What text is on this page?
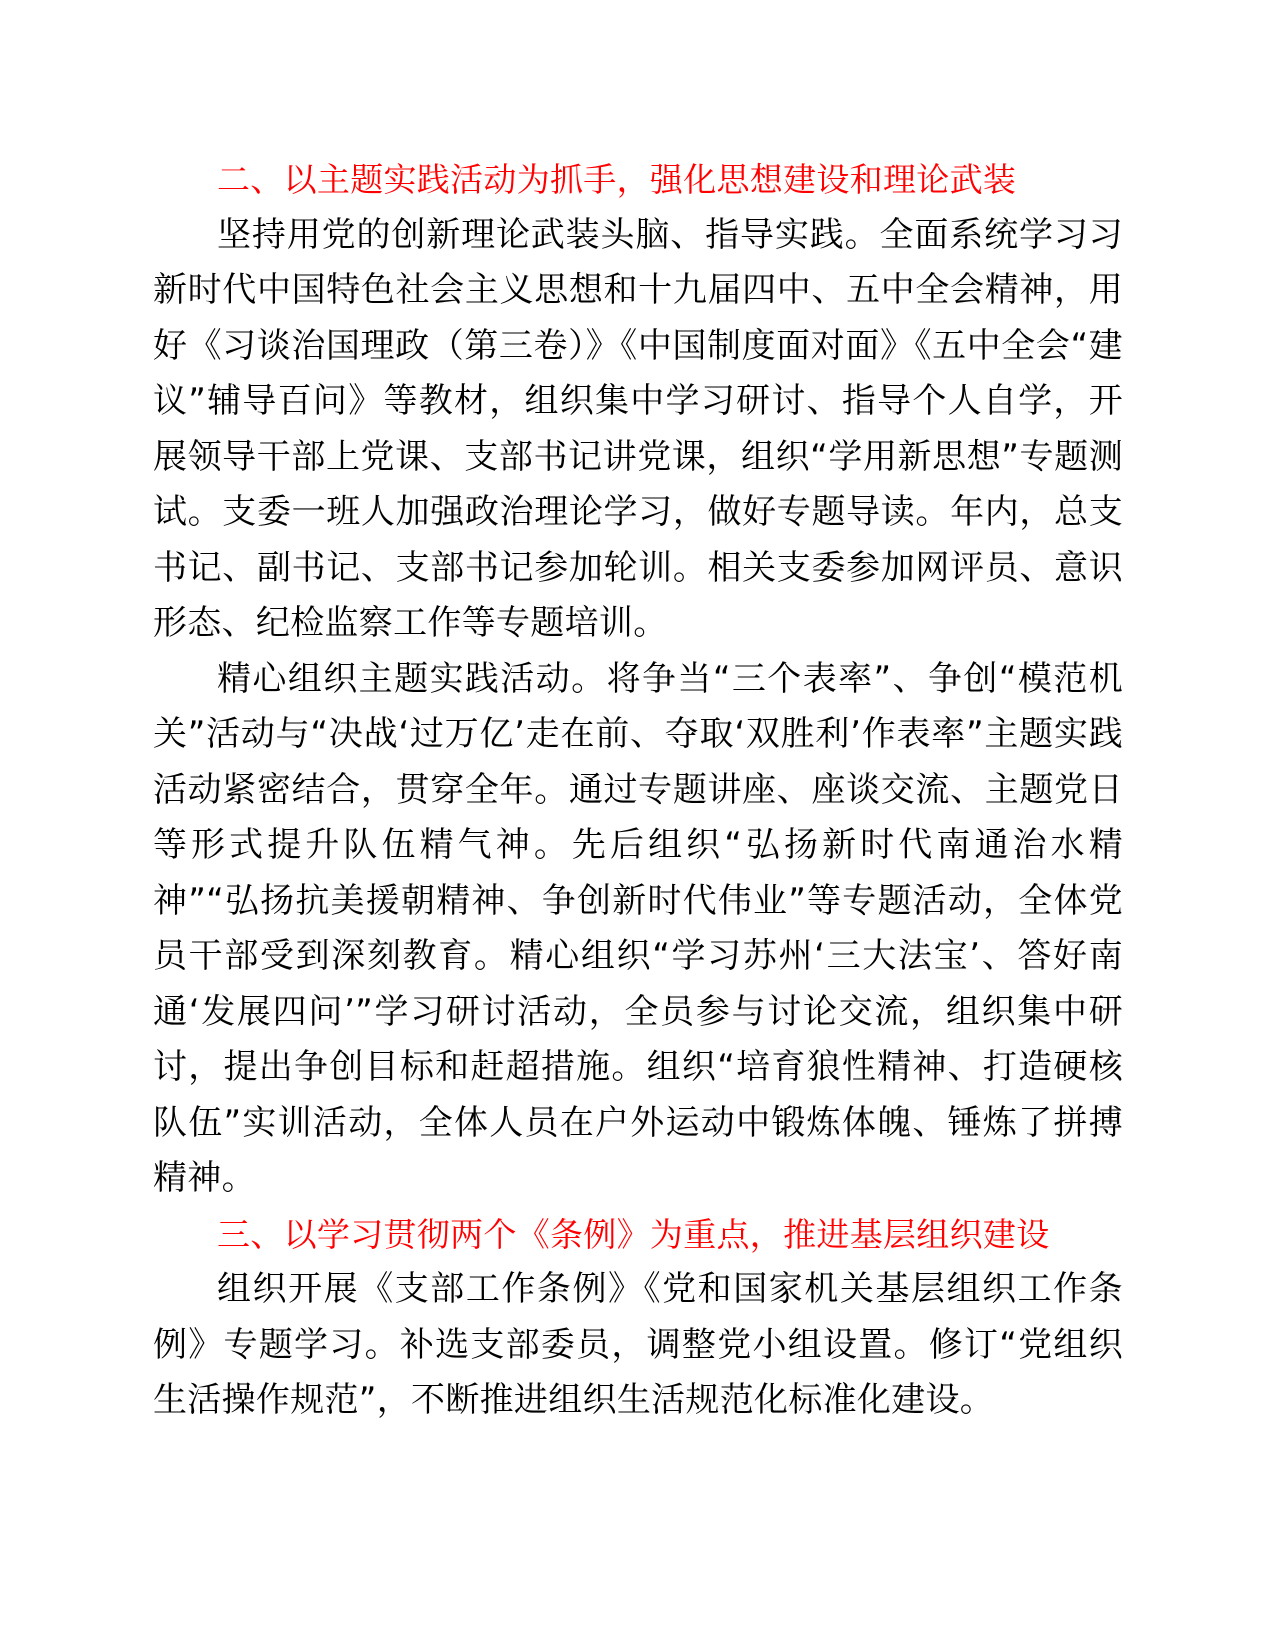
二、以主题实践活动为抓手，强化思想建设和理论武装

坚持用党的创新理论武装头脑、指导实践。全面系统学习习新时代中国特色社会主义思想和十九届四中、五中全会精神，用好《习谈治国理政（第三卷）》《中国制度面对面》《五中全会“建议”辅导百问》等教材，组织集中学习研讨、指导个人自学，开展领导干部上党课、支部书记讲党课，组织“学用新思想”专题测试。支委一班人加强政治理论学习，做好专题导读。年内，总支书记、副书记、支部书记参加轮训。相关支委参加网评员、意识形态、纪检监察工作等专题培训。

精心组织主题实践活动。将争当“三个表率”、争创“模范机关”活动与“决战‘过万亿’走在前、夺取‘双胜利’作表率”主题实践活动紧密结合，贯穿全年。通过专题讲座、座谈交流、主题党日等形式提升队伍精气神。先后组织“弘扬新时代南通治水精神”“弘扬抗美援朝精神、争创新时代伟业”等专题活动，全体党员干部受到深刻教育。精心组织“学习苏州‘三大法宝’、答好南通‘发展四问’”学习研讨活动，全员参与讨论交流，组织集中研讨，提出争创目标和赶超措施。组织“培育狼性精神、打造硬核队伍”实训活动，全体人员在户外运动中锻炼体魄、锤炼了拼搏精神。

三、以学习贯彻两个《条例》为重点，推进基层组织建设

组织开展《支部工作条例》《党和国家机关基层组织工作条例》专题学习。补选支部委员，调整党小组设置。修订“党组织生活操作规范”，不断推进组织生活规范化标准化建设。
